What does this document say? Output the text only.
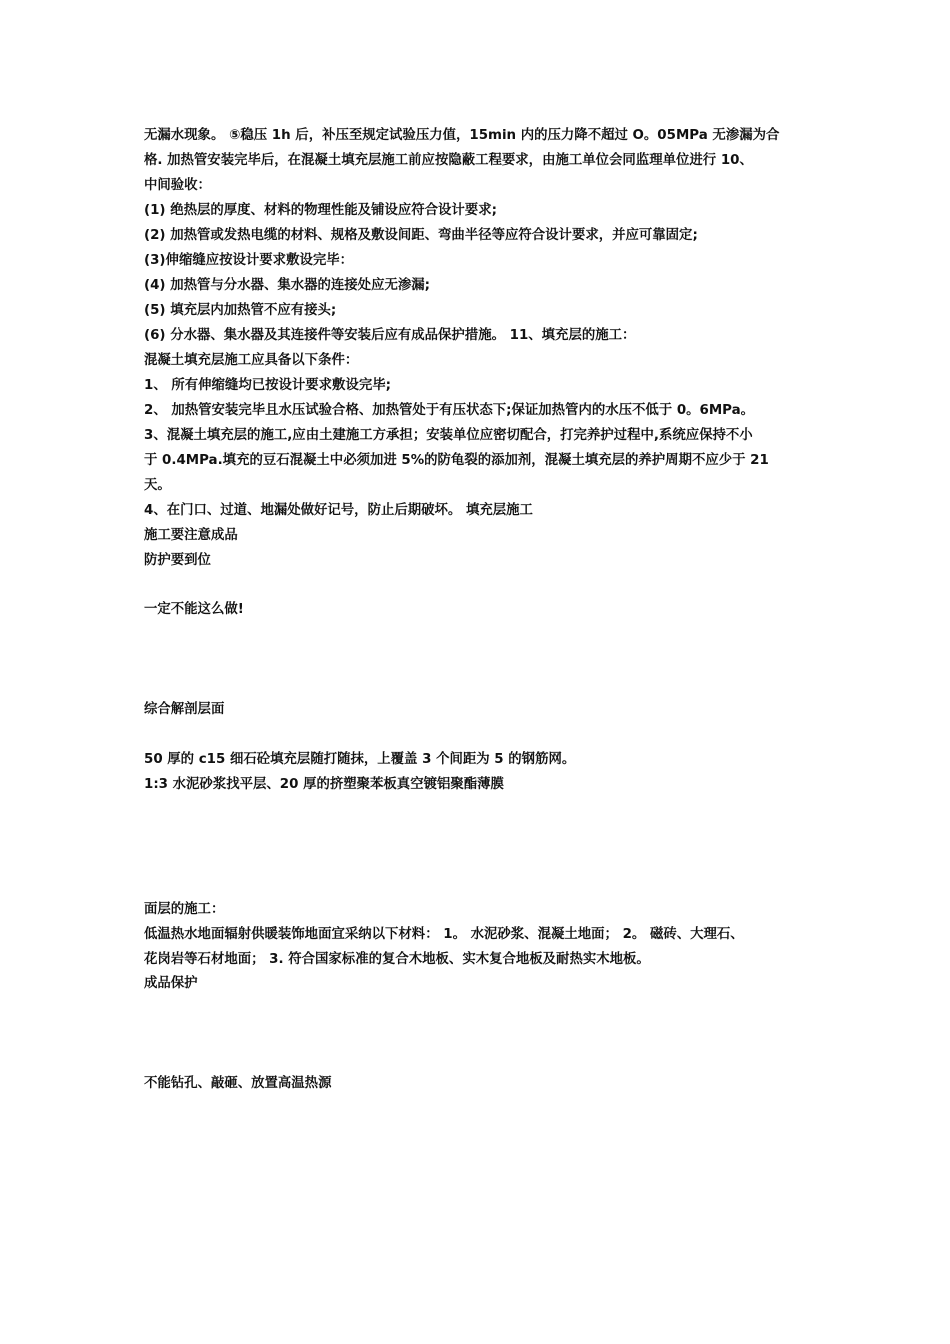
无漏水现象。 ⑤稳压 1h 后，补压至规定试验压力值，15min 内的压力降不超过 O。05MPa 无渗漏为合
格. 加热管安装完毕后，在混凝土填充层施工前应按隐蔽工程要求，由施工单位会同监理单位进行 10、
中间验收：
(1) 绝热层的厚度、材料的物理性能及铺设应符合设计要求;
(2) 加热管或发热电缆的材料、规格及敷设间距、弯曲半径等应符合设计要求，并应可靠固定;
(3)伸缩缝应按设计要求敷设完毕：
(4) 加热管与分水器、集水器的连接处应无渗漏;
(5) 填充层内加热管不应有接头;
(6) 分水器、集水器及其连接件等安装后应有成品保护措施。 11、填充层的施工：
混凝土填充层施工应具备以下条件：
1、 所有伸缩缝均已按设计要求敷设完毕;
2、 加热管安装完毕且水压试验合格、加热管处于有压状态下;保证加热管内的水压不低于 0。6MPa。
3、混凝土填充层的施工,应由土建施工方承担；安装单位应密切配合，打完养护过程中,系统应保持不小
于 0.4MPa.填充的豆石混凝土中必须加进 5%的防龟裂的添加剂，混凝土填充层的养护周期不应少于 21
天。
4、在门口、过道、地漏处做好记号，防止后期破坏。 填充层施工
施工要注意成品
防护要到位
一定不能这么做!
综合解剖层面
50 厚的 c15 细石砼填充层随打随抹，上覆盖 3 个间距为 5 的钢筋网。
1:3 水泥砂浆找平层、20 厚的挤塑聚苯板真空镀铝聚酯薄膜
面层的施工：
低温热水地面辐射供暖装饰地面宜采纳以下材料： 1。 水泥砂浆、混凝土地面； 2。 磁砖、大理石、
花岗岩等石材地面； 3. 符合国家标准的复合木地板、实木复合地板及耐热实木地板。
成品保护
不能钻孔、敲砸、放置高温热源
